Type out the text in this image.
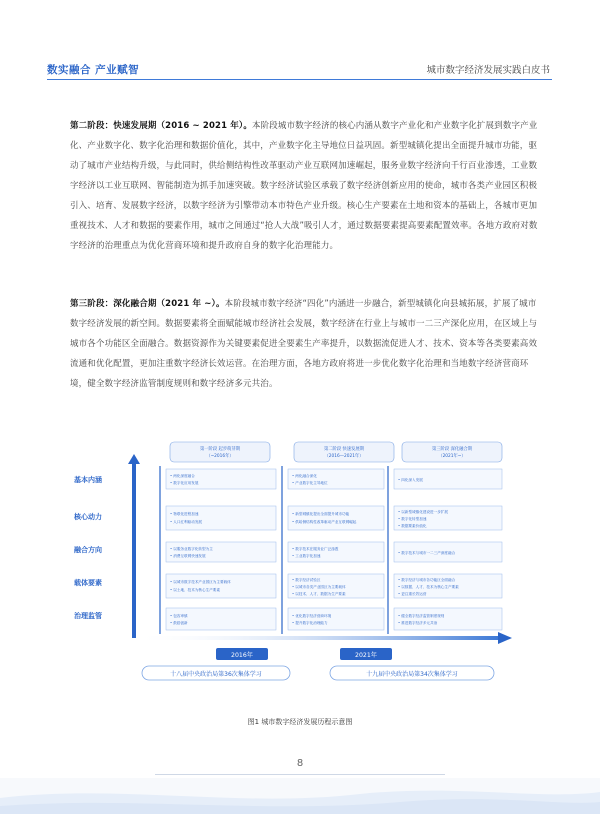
数实融合 产业赋智	城市数字经济发展实践白皮书
第二阶段：快速发展期（2016 ~ 2021 年）。本阶段城市数字经济的核心内涵从数字产业化和产业数字化扩展到数字产业化、产业数字化、数字化治理和数据价值化，其中，产业数字化主导地位日益巩固。新型城镇化提出全面提升城市功能，驱动了城市产业结构升级，与此同时，供给侧结构性改革驱动产业互联网加速崛起，服务业数字经济向千行百业渗透，工业数字经济以工业互联网、智能制造为抓手加速突破。数字经济试验区承载了数字经济创新应用的使命，城市各类产业园区积极引入、培育、发展数字经济，以数字经济为引擎带动本市特色产业升级。核心生产要素在土地和资本的基础上，各城市更加重视技术、人才和数据的要素作用，城市之间通过“抢人大战”吸引人才，通过数据要素提高要素配置效率。各地方政府对数字经济的治理重点为优化营商环境和提升政府自身的数字化治理能力。
第三阶段：深化融合期（2021 年 ~）。本阶段城市数字经济“四化”内涵进一步融合，新型城镇化向县城拓展，扩展了城市数字经济发展的新空间。数据要素将全面赋能城市经济社会发展，数字经济在行业上与城市一二三产深化应用，在区域上与城市各个功能区全面融合。数据资源作为关键要素促进全要素生产率提升，以数据流促进人才、技术、资本等各类要素高效流通和优化配置，更加注重数字经济长效运营。在治理方面，各地方政府将进一步优化数字化治理和当地数字经济营商环境，健全数字经济监管制度规则和数字经济多元共治。
第一阶段 起步萌芽期
（~2016年）
第二阶段 快速发展期
（2016—2021年）
第三阶段 深化融合期
（2021年~）
• 两化深度融合
• 数字化应用发展
• 两化融合深化
• 产业数字化主导地位
• 四化深入发展
• 物联化进程加速
• 人口红利驱动发展
• 新型城镇化提出全面提升城市功能
• 供给侧结构性改革驱动产业互联网崛起
• 以新型城镇化建设进一步扩展
• 数字化转型加速
• 数据要素价值化
• 以服务业数字化转型为主
• 消费互联网快速发展
• 数字技术在服务业广泛渗透
• 工业数字化加速
• 数字技术与城市一二三产深度融合
• 以城市数字技术产业园区为主要载体
• 以土地、技术为核心生产要素
• 数字经济试验区
• 以城市各类产业园区为主要载体
• 以技术、人才、数据为生产要素
• 数字经济与城市各功能区全面融合
• 以数据、人才、技术为核心生产要素
• 更注重长效运营
• 包容审慎
• 鼓励创新
• 优化数字经济营商环境
• 提升数字化治理能力
• 健全数字经济监管制度规则
• 推进数字经济多元共治
2016年
十八届中央政治局第36次集体学习
2021年
十九届中央政治局第34次集体学习
基本内涵
核心动力
融合方向
载体要素
治理监管
图1 城市数字经济发展历程示意图
8
